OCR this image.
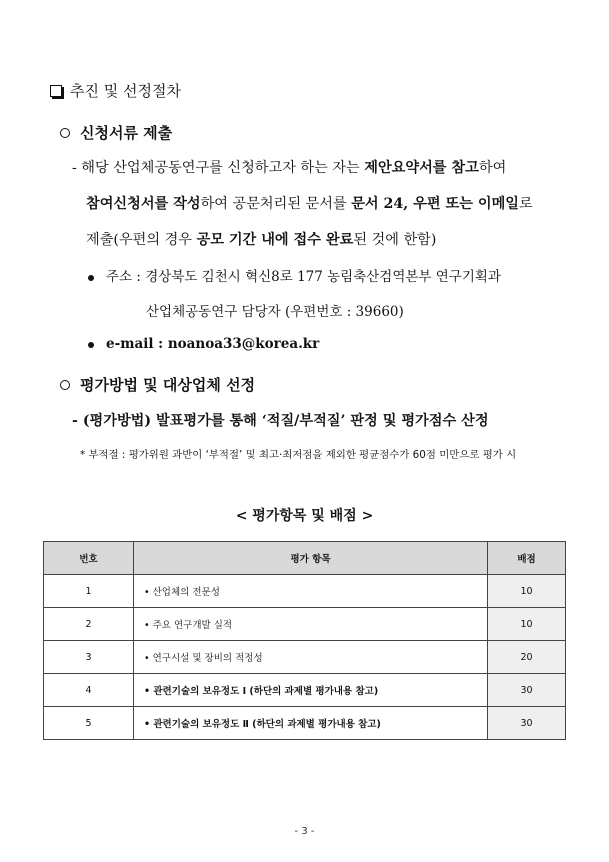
추진 및 선정절차
신청서류 제출
- 해당 산업체공동연구를 신청하고자 하는 자는 제안요약서를 참고하여
참여신청서를 작성하여 공문처리된 문서를 문서 24, 우편 또는 이메일로
제출(우편의 경우 공모 기간 내에 접수 완료된 것에 한함)
주소 : 경상북도 김천시 혁신8로 177 농림축산검역본부 연구기획과
산업체공동연구 담당자 (우편번호 : 39660)
e-mail : noanoa33@korea.kr
평가방법 및 대상업체 선정
- (평가방법) 발표평가를 통해 ‘적질/부적질’ 판정 및 평가점수 산정
* 부적절 : 평가위원 과반이 ‘부적절’ 및 최고·최저점을 제외한 평균점수가 60점 미만으로 평가 시
< 평가항목 및 배점 >
번호	평가 항목	배점
1	• 산업체의 전문성	10
2	• 주요 연구개발 실적	10
3	• 연구시설 및 장비의 적정성	20
4	• 관련기술의 보유정도 Ⅰ (하단의 과제별 평가내용 참고)	30
5	• 관련기술의 보유정도 Ⅱ (하단의 과제별 평가내용 참고)	30
- 3 -
